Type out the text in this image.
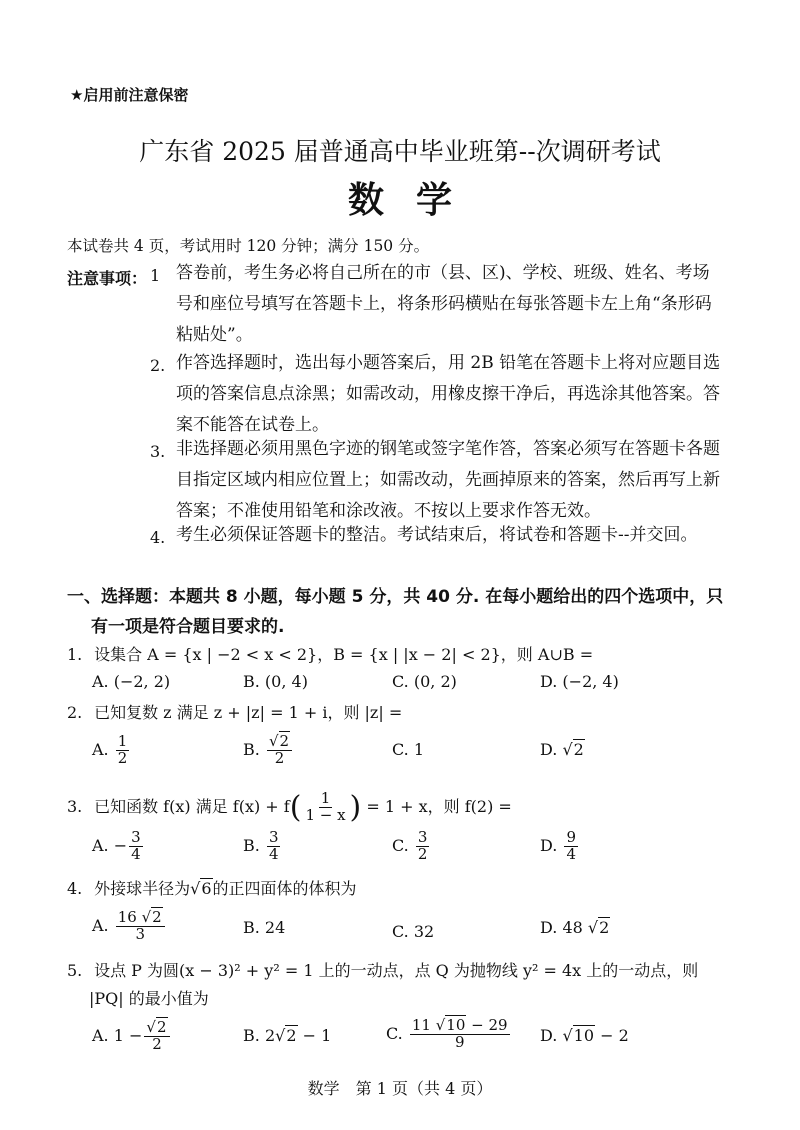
★启用前注意保密
广东省 2025 届普通高中毕业班第--次调研考试
数学
本试卷共 4 页，考试用时 120 分钟；满分 150 分。
注意事项： 1 答卷前，考生务必将自己所在的市（县、区)、学校、班级、姓名、考场号和座位号填写在答题卡上，将条形码横贴在每张答题卡左上角“条形码粘贴处”。
2. 作答选择题时，选出每小题答案后，用 2B 铅笔在答题卡上将对应题目选项的答案信息点涂黑；如需改动，用橡皮擦干净后，再选涂其他答案。答案不能答在试卷上。
3. 非选择题必须用黑色字迹的钢笔或签字笔作答，答案必须写在答题卡各题目指定区域内相应位置上；如需改动，先画掉原来的答案，然后再写上新答案；不准使用铅笔和涂改液。不按以上要求作答无效。
4. 考生必须保证答题卡的整洁。考试结束后，将试卷和答题卡--并交回。
一、选择题：本题共 8 小题，每小题 5 分，共 40 分. 在每小题给出的四个选项中，只
有一项是符合题目要求的.
1. 设集合 A = {x | −2 < x < 2}，B = {x | |x − 2| < 2}，则 A∪B =
A. (−2, 2)	B. (0, 4)	C. (0, 2)	D. (−2, 4)
2. 已知复数 z 满足 z + |z| = 1 + i，则 |z| =
A. $\frac{1}{2}$	B. $\frac{√2}{2}$	C. 1	D. √2
3. 已知函数 f(x) 满足 $f(x) + f( \frac{1}{1 - x}$ ) = 1 + x，则 f(2) =
A. − $\frac{3}{4}$	B. $\frac{3}{4}$	C. $\frac{3}{2}$	D. $\frac{9}{4}$
4. 外接球半径为√6的正四面体的体积为
A. $\frac{16 √2}{3}$	B. 24	C. 32	D. 48 √2
5. 设点 P 为圆(x − 3)² + y² = 1 上的一动点，点 Q 为抛物线 y² = 4x 上的一动点，则
|PQ| 的最小值为
A. $1 - \frac{√2}{2}$	B. 2√2 − 1	C. $\frac{11 √10 - 29}{9} D$. √10 − 2
数学　第 1 页（共 4 页）
